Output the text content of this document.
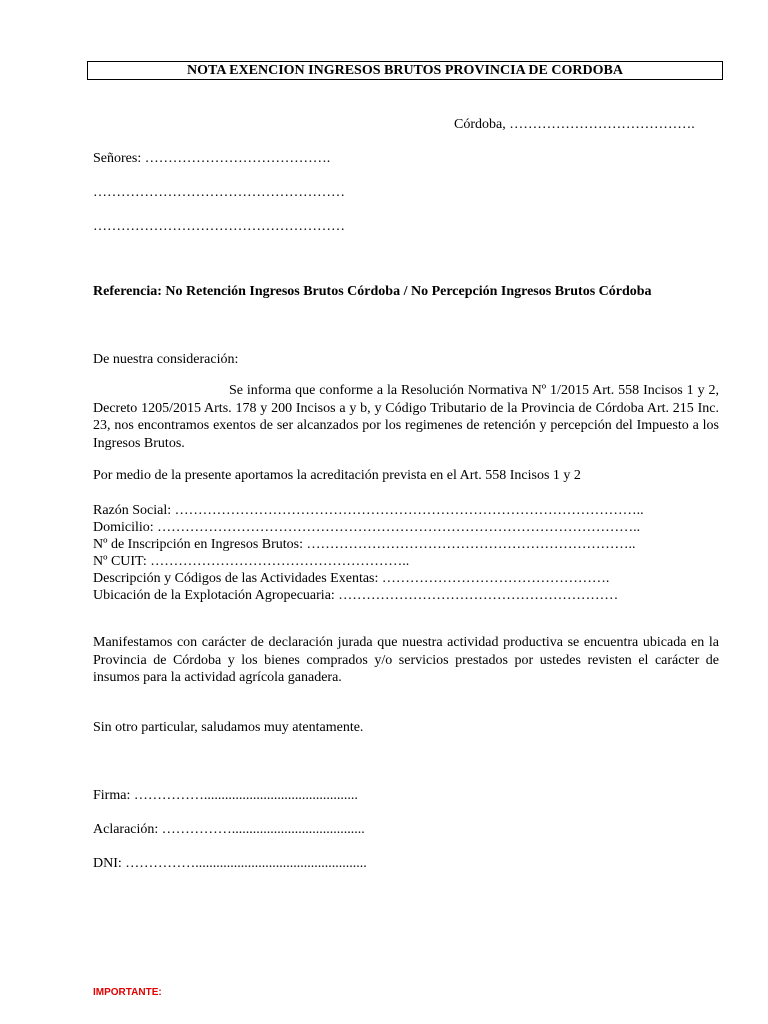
NOTA EXENCION INGRESOS BRUTOS PROVINCIA DE CORDOBA
Córdoba, ………………………………….
Señores: ………………………………….
………………………………………………
………………………………………………
Referencia: No Retención Ingresos Brutos Córdoba / No Percepción Ingresos Brutos Córdoba
De nuestra consideración:
Se informa que conforme a la Resolución Normativa Nº 1/2015 Art. 558 Incisos 1 y 2, Decreto 1205/2015 Arts. 178 y 200 Incisos a y b, y Código Tributario de la Provincia de Córdoba Art. 215 Inc. 23, nos encontramos exentos de ser alcanzados por los regimenes de retención y percepción del Impuesto a los Ingresos Brutos.
Por medio de la presente aportamos la acreditación prevista en el Art. 558 Incisos 1 y 2
Razón Social: ………………………………………………………………………………………..
Domicilio: …………………………………………………………………………………………..
Nº de Inscripción en Ingresos Brutos: ……………………………………………………………..
Nº CUIT: ………………………………………………..
Descripción y Códigos de las Actividades Exentas: ………………………………………….
Ubicación de la Explotación Agropecuaria: ……………………………………………………
Manifestamos con carácter de declaración jurada que nuestra actividad productiva se encuentra ubicada en la Provincia de Córdoba y los bienes comprados y/o servicios prestados por ustedes revisten el carácter de insumos para la actividad agrícola ganadera.
Sin otro particular, saludamos muy atentamente.
Firma: ……………............................................
Aclaración: ……………......................................
DNI: …………….................................................
IMPORTANTE:
